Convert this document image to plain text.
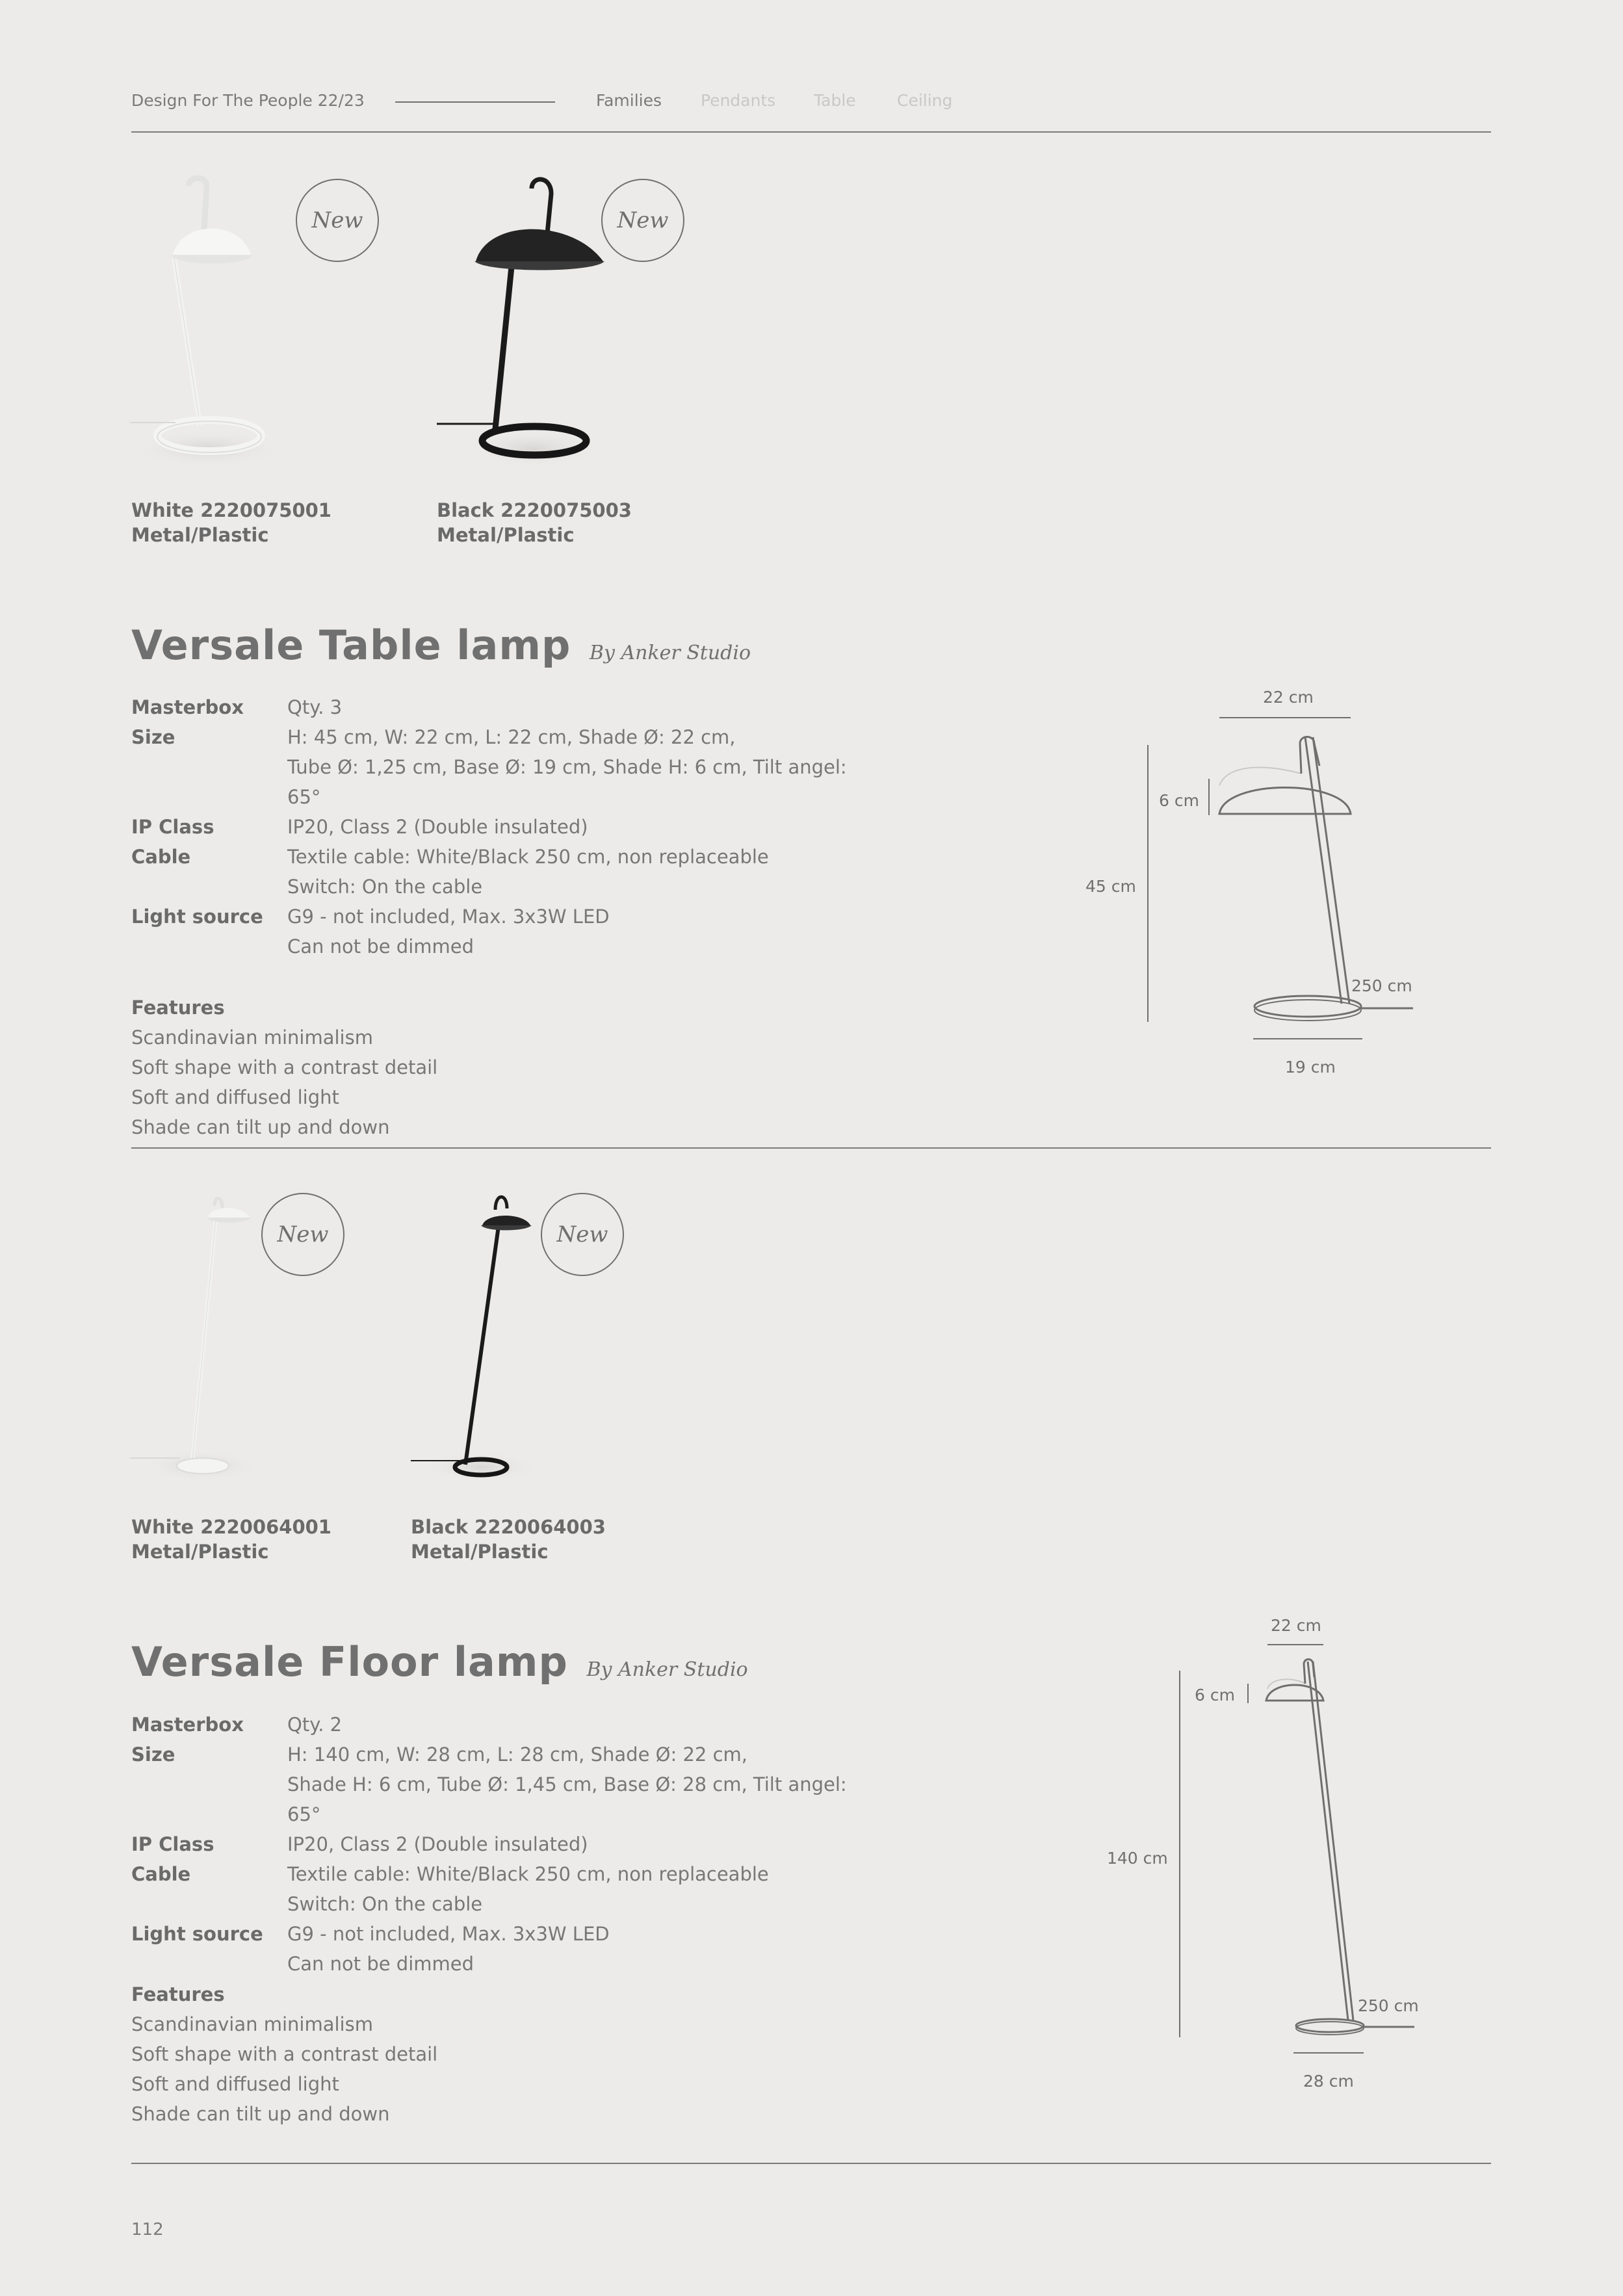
Design For The People 22/23	Families Pendants Table	Ceiling
New	New
White 2220075001
Metal/Plastic
Black 2220075003
Metal/Plastic
Versale Table lamp By Anker Studio
Masterbox	Qty. 3
Size	H: 45 cm, W: 22 cm, L: 22 cm, Shade Ø: 22 cm,
Tube Ø: 1,25 cm, Base Ø: 19 cm, Shade H: 6 cm, Tilt angel:
65°
IP Class	IP20, Class 2 (Double insulated)
Cable	Textile cable: White/Black 250 cm, non replaceable
Switch: On the cable
Light source	G9 - not included, Max. 3x3W LED
Can not be dimmed
Features
Scandinavian minimalism
Soft shape with a contrast detail
Soft and diffused light
Shade can tilt up and down
22 cm
6 cm
45 cm
250 cm
19 cm
New	New
White 2220064001
Metal/Plastic
Black 2220064003
Metal/Plastic
Versale Floor lamp By Anker Studio
Masterbox	Qty. 2
Size	H: 140 cm, W: 28 cm, L: 28 cm, Shade Ø: 22 cm,
Shade H: 6 cm, Tube Ø: 1,45 cm, Base Ø: 28 cm, Tilt angel: 65°
IP Class	IP20, Class 2 (Double insulated)
Cable	Textile cable: White/Black 250 cm, non replaceable
Switch: On the cable
Light source	G9 - not included, Max. 3x3W LED
Can not be dimmed
Features
Scandinavian minimalism
Soft shape with a contrast detail
Soft and diffused light
Shade can tilt up and down
22 cm
6 cm
140 cm
250 cm
28 cm
112
